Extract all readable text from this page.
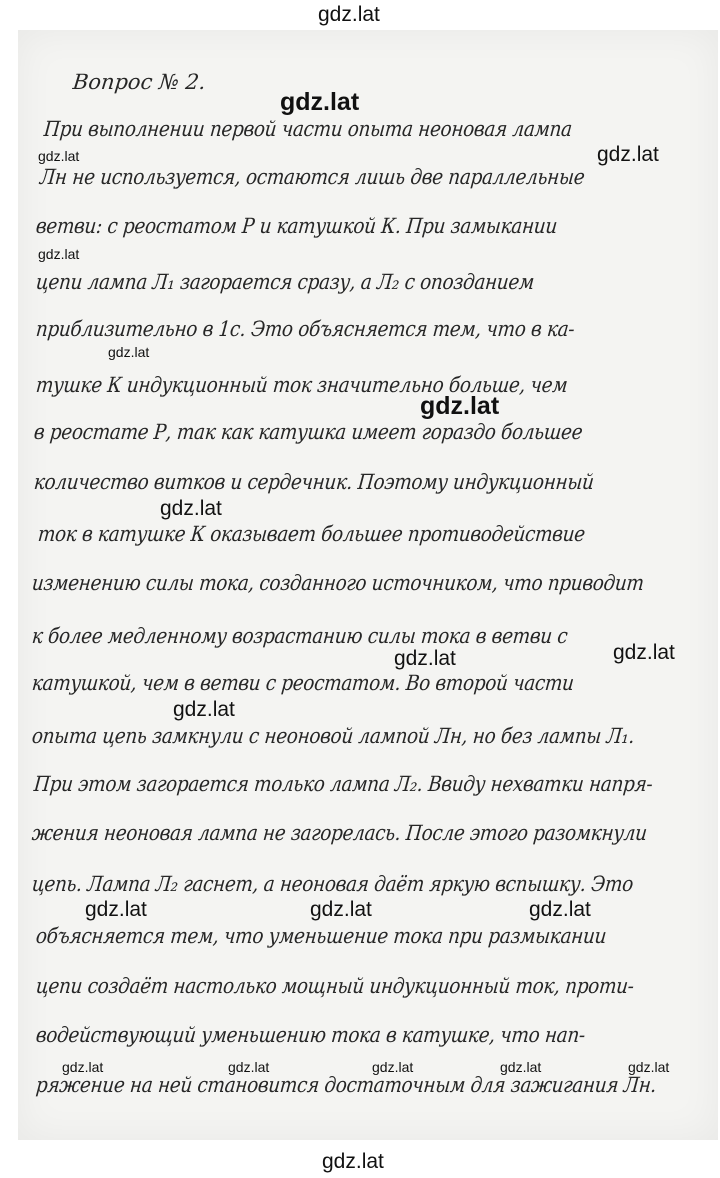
gdz.lat
Вопрос № 2.
При выполнении первой части опыта неоновая лампа
Лн не используется, остаются лишь две параллельные
ветви: с реостатом Р и катушкой К. При замыкании
цепи лампа Л₁ загорается сразу, а Л₂ с опозданием
приблизительно в 1с. Это объясняется тем, что в ка-
тушке К индукционный ток значительно больше, чем
в реостате Р, так как катушка имеет гораздо большее
количество витков и сердечник. Поэтому индукционный
ток в катушке К оказывает большее противодействие
изменению силы тока, созданного источником, что приводит
к более медленному возрастанию силы тока в ветви с
катушкой, чем в ветви с реостатом. Во второй части
опыта цепь замкнули с неоновой лампой Лн, но без лампы Л₁.
При этом загорается только лампа Л₂. Ввиду нехватки напря-
жения неоновая лампа не загорелась. После этого разомкнули
цепь. Лампа Л₂ гаснет, а неоновая даёт яркую вспышку. Это
объясняется тем, что уменьшение тока при размыкании
цепи создаёт настолько мощный индукционный ток, проти-
водействующий уменьшению тока в катушке, что нап-
ряжение на ней становится достаточным для зажигания Лн.
gdz.lat
gdz.lat
gdz.lat
gdz.lat
gdz.lat
gdz.lat
gdz.lat
gdz.lat	gdz.lat
gdz.lat
gdz.lat	gdz.lat	gdz.lat
gdz.lat	gdz.lat	gdz.lat	gdz.lat	gdz.lat
gdz.lat
